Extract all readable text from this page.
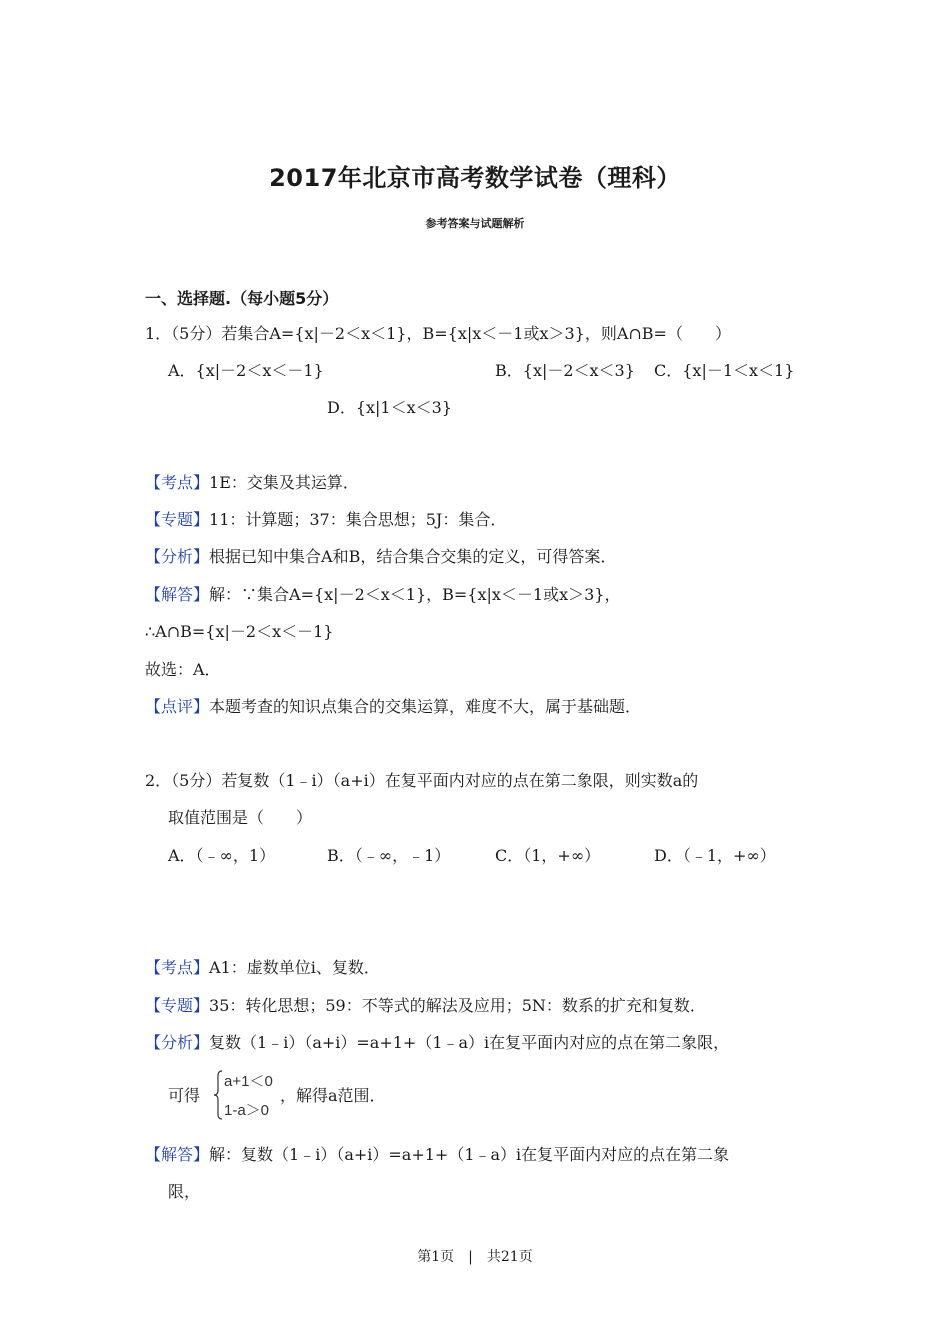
2017年北京市高考数学试卷（理科）
参考答案与试题解析
一、选择题.（每小题5分）
1．（5分）若集合A={x|－2＜x＜1}，B={x|x＜－1或x＞3}，则A∩B=（　　）
A．{x|－2＜x＜－1}	B．{x|－2＜x＜3} C．{x|－1＜x＜1}
D．{x|1＜x＜3}
【考点】1E：交集及其运算．
【专题】11：计算题；37：集合思想；5J：集合．
【分析】根据已知中集合A和B，结合集合交集的定义，可得答案．
【解答】解：∵集合A={x|－2＜x＜1}，B={x|x＜－1或x＞3}，
∴A∩B={x|－2＜x＜－1}
故选：A．
【点评】本题考查的知识点集合的交集运算，难度不大，属于基础题．
2．（5分）若复数（1﹣i）（a+i）在复平面内对应的点在第二象限，则实数a的
取值范围是（　　）
A．（﹣∞，1）	B．（﹣∞，﹣1）	C．（1，+∞）	D．（﹣1，+∞）
【考点】A1：虚数单位i、复数．
【专题】35：转化思想；59：不等式的解法及应用；5N：数系的扩充和复数．
【分析】复数（1﹣i）（a+i）=a+1+（1﹣a）i在复平面内对应的点在第二象限，
可得
a+1＜0
1-a＞0
，解得a范围．
【解答】解：复数（1﹣i）（a+i）=a+1+（1﹣a）i在复平面内对应的点在第二象
限，
第1页　|　共21页
